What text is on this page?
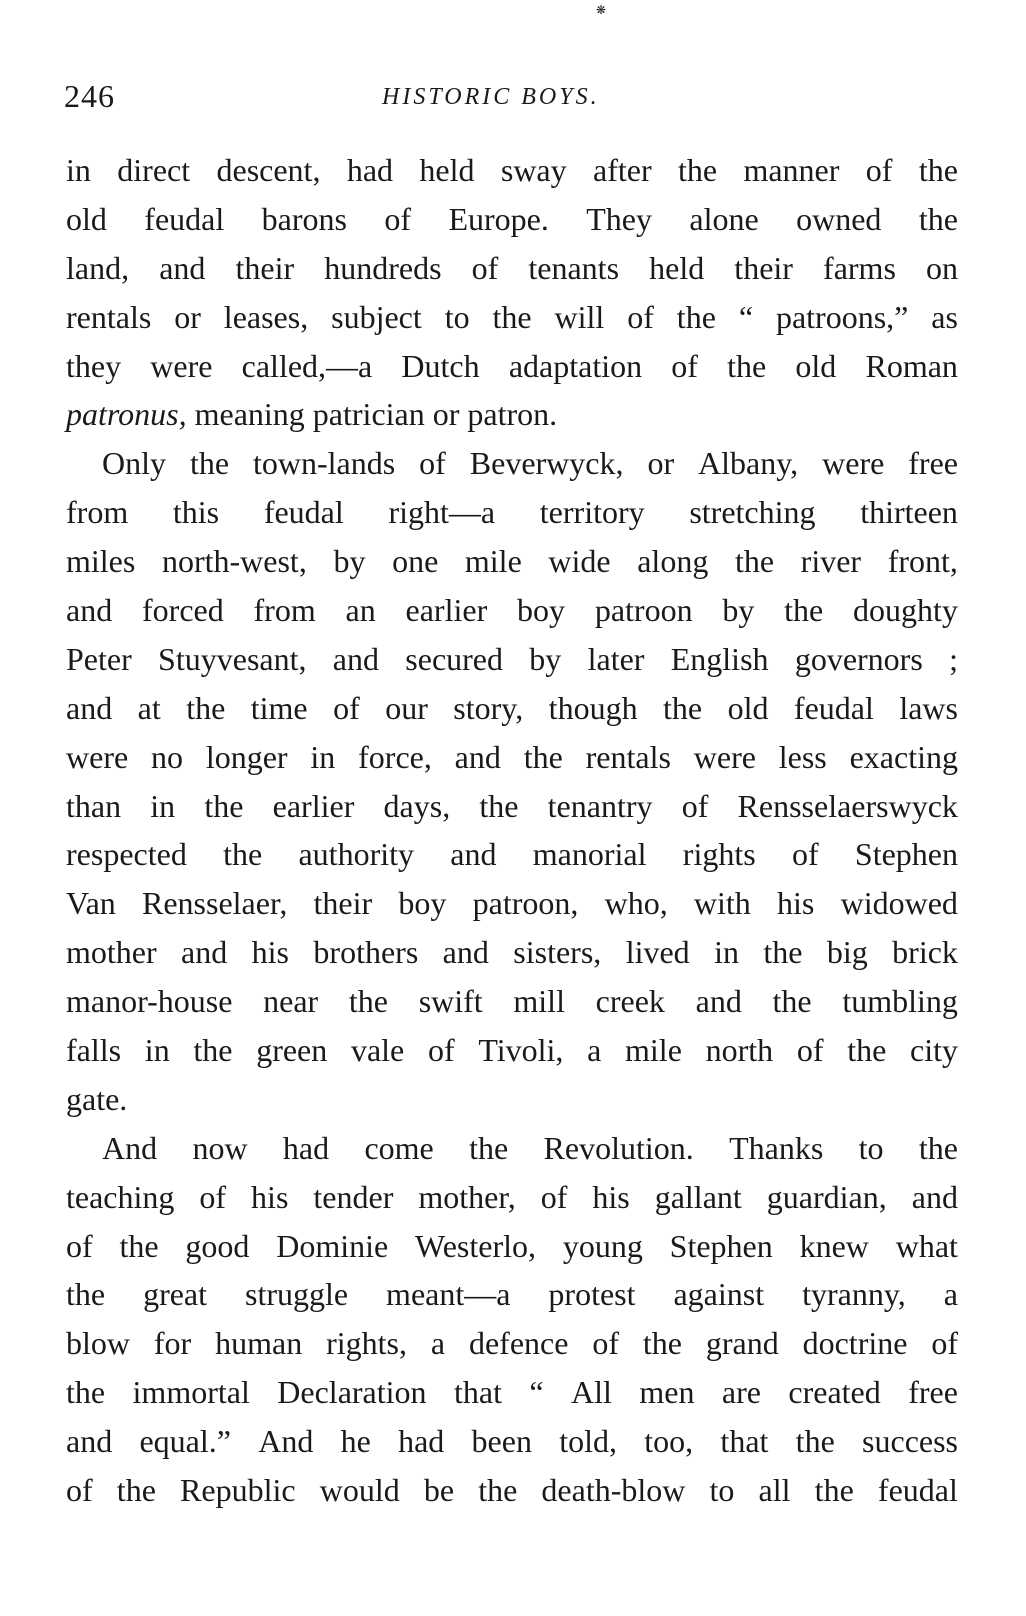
❋
246	HISTORIC BOYS.
in direct descent, had held sway after the manner of the
old feudal barons of Europe. They alone owned the
land, and their hundreds of tenants held their farms on
rentals or leases, subject to the will of the “ patroons,” as
they were called,—a Dutch adaptation of the old Roman
patronus, meaning patrician or patron.
Only the town-lands of Beverwyck, or Albany, were free
from this feudal right—a territory stretching thirteen
miles north-west, by one mile wide along the river front,
and forced from an earlier boy patroon by the doughty
Peter Stuyvesant, and secured by later English governors ;
and at the time of our story, though the old feudal laws
were no longer in force, and the rentals were less exacting
than in the earlier days, the tenantry of Rensselaerswyck
respected the authority and manorial rights of Stephen
Van Rensselaer, their boy patroon, who, with his widowed
mother and his brothers and sisters, lived in the big brick
manor-house near the swift mill creek and the tumbling
falls in the green vale of Tivoli, a mile north of the city
gate.
And now had come the Revolution. Thanks to the
teaching of his tender mother, of his gallant guardian, and
of the good Dominie Westerlo, young Stephen knew what
the great struggle meant—a protest against tyranny, a
blow for human rights, a defence of the grand doctrine of
the immortal Declaration that “ All men are created free
and equal.” And he had been told, too, that the success
of the Republic would be the death-blow to all the feudal
